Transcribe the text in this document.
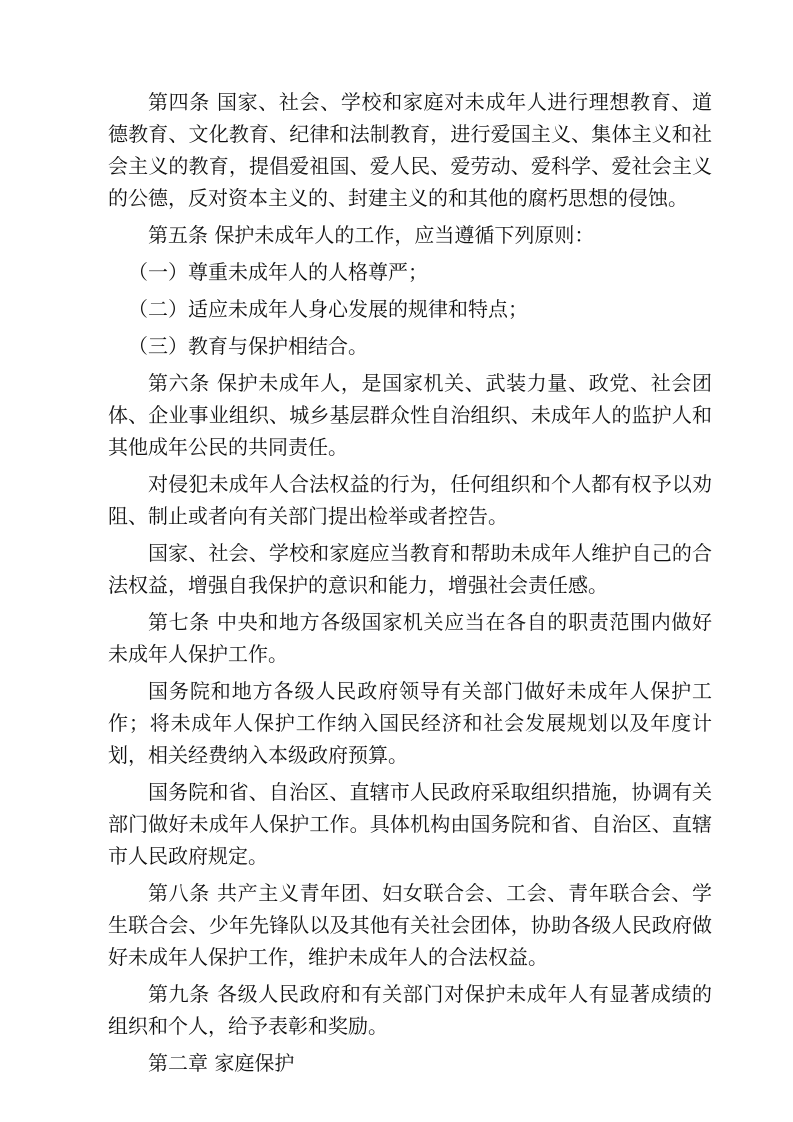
第四条 国家、社会、学校和家庭对未成年人进行理想教育、道德教育、文化教育、纪律和法制教育，进行爱国主义、集体主义和社会主义的教育，提倡爱祖国、爱人民、爱劳动、爱科学、爱社会主义的公德，反对资本主义的、封建主义的和其他的腐朽思想的侵蚀。

第五条 保护未成年人的工作，应当遵循下列原则：

（一）尊重未成年人的人格尊严；

（二）适应未成年人身心发展的规律和特点；

（三）教育与保护相结合。

第六条 保护未成年人，是国家机关、武装力量、政党、社会团体、企业事业组织、城乡基层群众性自治组织、未成年人的监护人和其他成年公民的共同责任。

对侵犯未成年人合法权益的行为，任何组织和个人都有权予以劝阻、制止或者向有关部门提出检举或者控告。

国家、社会、学校和家庭应当教育和帮助未成年人维护自己的合法权益，增强自我保护的意识和能力，增强社会责任感。

第七条 中央和地方各级国家机关应当在各自的职责范围内做好未成年人保护工作。

国务院和地方各级人民政府领导有关部门做好未成年人保护工作；将未成年人保护工作纳入国民经济和社会发展规划以及年度计划，相关经费纳入本级政府预算。

国务院和省、自治区、直辖市人民政府采取组织措施，协调有关部门做好未成年人保护工作。具体机构由国务院和省、自治区、直辖市人民政府规定。

第八条 共产主义青年团、妇女联合会、工会、青年联合会、学生联合会、少年先锋队以及其他有关社会团体，协助各级人民政府做好未成年人保护工作，维护未成年人的合法权益。

第九条 各级人民政府和有关部门对保护未成年人有显著成绩的组织和个人，给予表彰和奖励。

第二章 家庭保护
